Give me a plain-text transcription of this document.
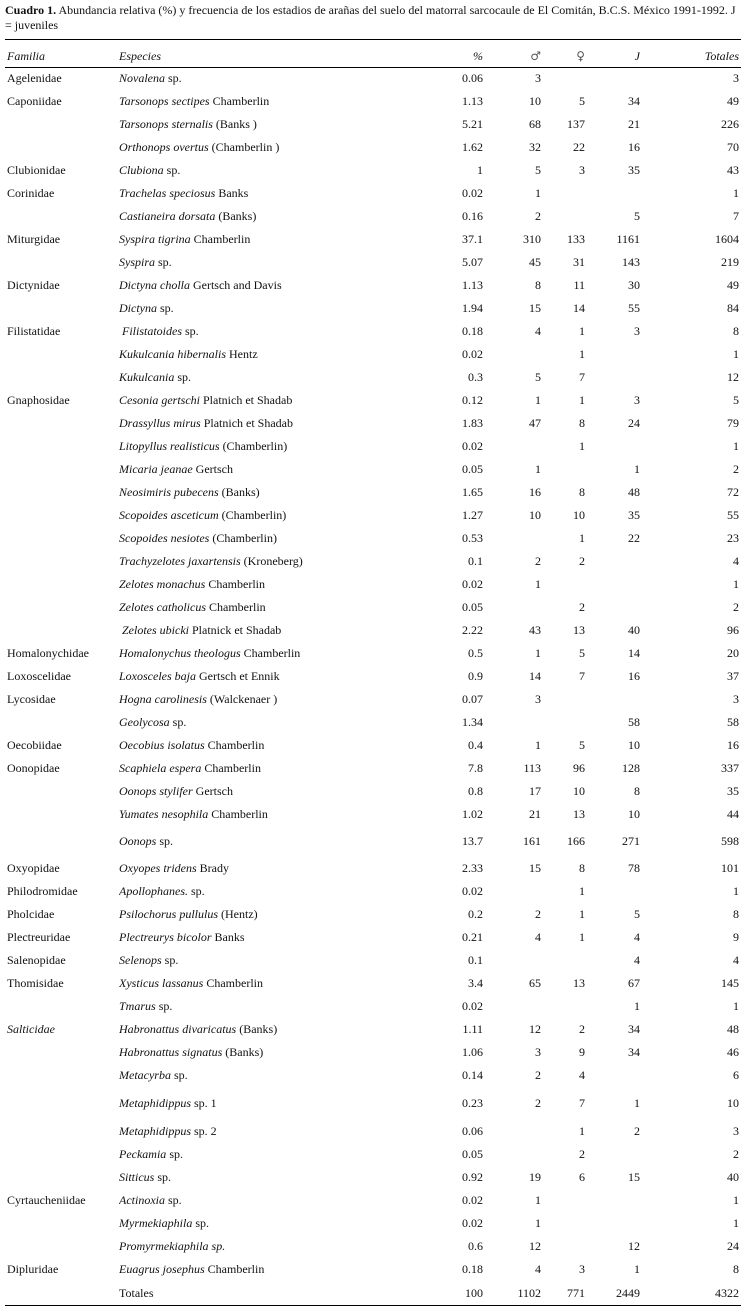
Cuadro 1. Abundancia relativa (%) y frecuencia de los estadios de arañas del suelo del matorral sarcocaule de El Comitán, B.C.S. México 1991-1992. J = juveniles
Familia	Especies	%	♂	♀	J	Totales
Agelenidae	Novalena sp.	0.06	3			3
Caponiidae	Tarsonops sectipes Chamberlin	1.13	10	5	34	49
	Tarsonops sternalis (Banks )	5.21	68	137	21	226
	Orthonops overtus (Chamberlin )	1.62	32	22	16	70
Clubionidae	Clubiona sp.	1	5	3	35	43
Corinidae	Trachelas speciosus Banks	0.02	1			1
	Castianeira dorsata (Banks)	0.16	2		5	7
Miturgidae	Syspira tigrina Chamberlin	37.1	310	133	1161	1604
	Syspira sp.	5.07	45	31	143	219
Dictynidae	Dictyna cholla Gertsch and Davis	1.13	8	11	30	49
	Dictyna sp.	1.94	15	14	55	84
Filistatidae	Filistatoides sp.	0.18	4	1	3	8
	Kukulcania hibernalis Hentz	0.02		1		1
	Kukulcania sp.	0.3	5	7		12
Gnaphosidae	Cesonia gertschi Platnich et Shadab	0.12	1	1	3	5
	Drassyllus mirus Platnich et Shadab	1.83	47	8	24	79
	Litopyllus realisticus (Chamberlin)	0.02		1		1
	Micaria jeanae Gertsch	0.05	1		1	2
	Neosimiris pubecens (Banks)	1.65	16	8	48	72
	Scopoides asceticum (Chamberlin)	1.27	10	10	35	55
	Scopoides nesiotes (Chamberlin)	0.53		1	22	23
	Trachyzelotes jaxartensis (Kroneberg)	0.1	2	2		4
	Zelotes monachus Chamberlin	0.02	1			1
	Zelotes catholicus Chamberlin	0.05		2		2
	Zelotes ubicki Platnick et Shadab	2.22	43	13	40	96
Homalonychidae	Homalonychus theologus Chamberlin	0.5	1	5	14	20
Loxoscelidae	Loxosceles baja Gertsch et Ennik	0.9	14	7	16	37
Lycosidae	Hogna carolinesis (Walckenaer )	0.07	3			3
	Geolycosa sp.	1.34			58	58
Oecobiidae	Oecobius isolatus Chamberlin	0.4	1	5	10	16
Oonopidae	Scaphiela espera Chamberlin	7.8	113	96	128	337
	Oonops stylifer Gertsch	0.8	17	10	8	35
	Yumates nesophila Chamberlin	1.02	21	13	10	44
	Oonops sp.	13.7	161	166	271	598
Oxyopidae	Oxyopes tridens Brady	2.33	15	8	78	101
Philodromidae	Apollophanes. sp.	0.02		1		1
Pholcidae	Psilochorus pullulus (Hentz)	0.2	2	1	5	8
Plectreuridae	Plectreurys bicolor Banks	0.21	4	1	4	9
Salenopidae	Selenops sp.	0.1			4	4
Thomisidae	Xysticus lassanus Chamberlin	3.4	65	13	67	145
	Tmarus sp.	0.02			1	1
Salticidae	Habronattus divaricatus (Banks)	1.11	12	2	34	48
	Habronattus signatus (Banks)	1.06	3	9	34	46
	Metacyrba sp.	0.14	2	4		6
	Metaphidippus sp. 1	0.23	2	7	1	10
	Metaphidippus sp. 2	0.06		1	2	3
	Peckamia sp.	0.05		2		2
	Sitticus sp.	0.92	19	6	15	40
Cyrtaucheniidae	Actinoxia sp.	0.02	1			1
	Myrmekiaphila sp.	0.02	1			1
	Promyrmekiaphila sp.	0.6	12		12	24
Dipluridae	Euagrus josephus Chamberlin	0.18	4	3	1	8
	Totales	100	1102	771	2449	4322
